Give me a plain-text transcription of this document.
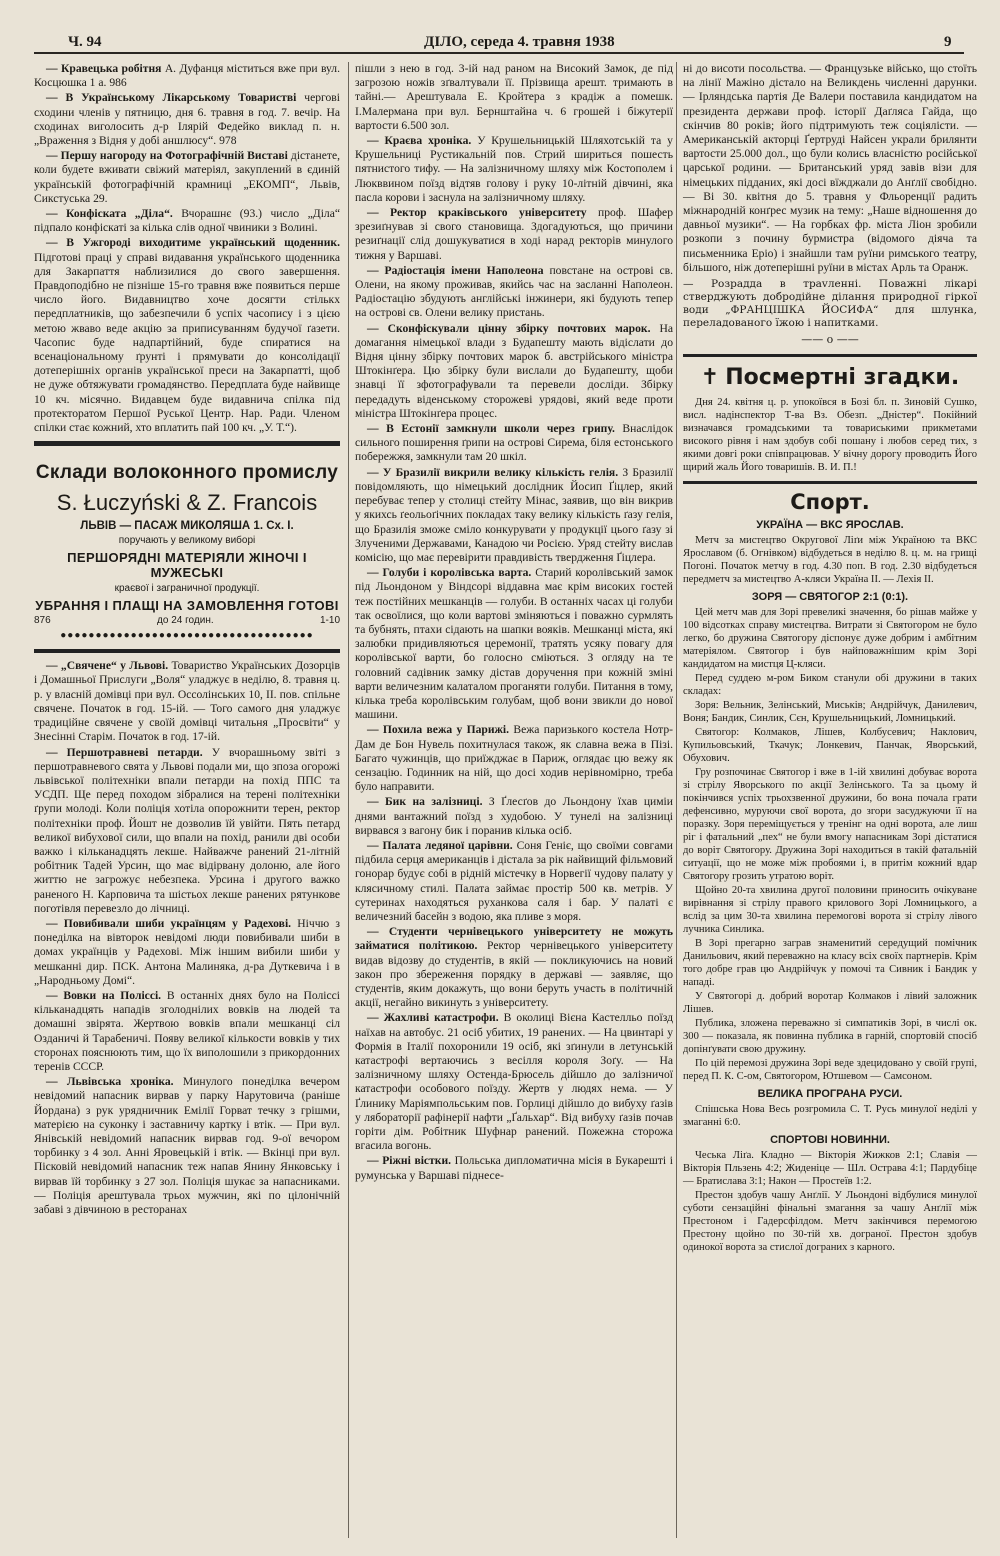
Ч. 94	ДІЛО, середа 4. травня 1938	9

— Кравецька робітня А. Дуфанця міститься вже при вул. Косцюшка 1 а. 986

— В Українському Лікарському Товаристві чергові сходини членів у пятницю, дня 6. травня в год. 7. вечір. На сходинах виголосить д-р Ілярій Федейко виклад п. н. „Враження з Відня у добі аншлюсу“. 978

— Першу нагороду на Фотографічній Виставі дістанете, коли будете вживати свіжий матеріял, закуплений в єдиній українській фотографічній крамниці „ЕКОМП“, Львів, Сикстуська 29.

— Конфіската „Діла“. Вчорашнє (93.) число „Діла“ підпало конфіскаті за кілька слів одної чвиники з Волині.

— В Ужгороді виходитиме український щоденник. Підготові праці у справі видавання українського щоденника для Закарпаття наблизилися до свого завершення. Правдоподібно не пізніше 15-го травня вже появиться перше число його. Видавництво хоче досягти стількх передплатників, що забезпечили б успіх часопису і з цією метою жваво веде акцію за приписуванням будучої ґазети. Часопис буде надпартійний, буде спиратися на всенаціональному ґрунті і прямувати до консолідації дотеперішніх органів української преси на Закарпатті, щоб не дуже обтяжувати громадянство. Передплата буде найвище 10 кч. місячно. Видавцем буде видавнича спілка під протекторатом Першої Руської Центр. Нар. Ради. Членом спілки стає кожний, хто вплатить пай 100 кч. „У. Т.“).

Склади волоконного промислу
S. Łuczyński & Z. Francois
ЛЬВІВ — ПАСАЖ МИКОЛЯША 1. Сх. І.
поручають у великому виборі
ПЕРШОРЯДНІ МАТЕРІЯЛИ ЖІНОЧІ І МУЖЕСЬКІ
краєвої і заграничної продукції.
УБРАННЯ І ПЛАЩІ НА ЗАМОВЛЕННЯ ГОТОВІ
876	до 24 годин.	1-10
●●●●●●●●●●●●●●●●●●●●●●●●●●●●●●●●●●●●

— „Свячене“ у Львові. Товариство Українських Дозорців і Домашньої Прислуги „Воля“ уладжує в неділю, 8. травня ц. р. у власній домівці при вул. Оссолінських 10, II. пов. спільне свячене. Початок в год. 15-ій. — Того самого дня уладжує традиційне свячене у своїй домівці читальня „Просвіти“ у Знесінні Старім. Початок в год. 17-ій.

— Першотравневі петарди. У вчорашньому звіті з першотравневого свята у Львові подали ми, що зпоза огорожі львівської політехніки впали петарди на похід ППС та УСДП. Ще перед походом зібралися на терені політехніки ґрупи молоді. Коли поліція хотіла опорожнити терен, ректор політехніки проф. Йошт не дозволив їй увійти. Пять петард великої вибухової сили, що впали на похід, ранили дві особи важко і кільканадцять лекше. Найважче ранений 21-літній робітник Тадей Урсин, що має відірвану долоню, але його життю не загрожує небезпека. Урсина і другого важко раненого Н. Карповича та шістьох лекше ранених рятункове поготівля перевезло до лічниці.

— Повибивали шиби українцям у Радехові. Ніччю з понеділка на вівторок невідомі люди повибивали шиби в домах українців у Радехові. Між іншим вибили шиби у мешканні дир. ПСК. Антона Малиняка, д-ра Дуткевича і в „Народньому Домі“.

— Вовки на Поліссі. В останніх днях було на Поліссі кільканадцять нападів зголоднілих вовків на людей та домашні звірята. Жертвою вовків впали мешканці сіл Озданичі й Тарабеничі. Появу великої кількости вовків у тих сторонах пояснюють тим, що їх виполошили з прикордонних теренів СССР.

— Львівська хроніка. Минулого понеділка вечером невідомий напасник вирвав у парку Нарутовича (раніше Йордана) з рук урядничник Емілії Горват течку з грішми, матерією на суконку і заставничу картку і втік. — При вул. Янівській невідомий напасник вирвав год. 9-ої вечором торбинку з 4 зол. Анні Яровецькій і втік. — Вкінці при вул. Пісковій невідомий напасник теж напав Янину Янковську і вирвав їй торбинку з 27 зол. Поліція шукає за напасниками. — Поліція арештувала трьох мужчин, які по цілонічній забаві з дівчиною в ресторанах

пішли з нею в год. 3-ій над раном на Високий Замок, де під загрозою ножів зґвалтували її. Прізвища арешт. тримають в тайні.— Арештувала Е. Кройтера з крадіж а помешк. І.Малермана при вул. Бернштайна ч. 6 грошей і біжутерії вартости 6.500 зол.

— Краєва хроніка. У Крушельницькій Шляхотській та у Крушельниці Рустикальній пов. Стрий шириться пошесть пятнистого тифу. — На залізничному шляху між Костополем і Люкввином поїзд відтяв голову і руку 10-літній дівчині, яка пасла корови і заснула на залізничному шляху.

— Ректор краківського університету проф. Шафер зрезиґнував зі свого становища. Здогадуються, що причини резиґнації слід дошукуватися в ході нарад ректорів минулого тижня у Варшаві.

— Радіостація імени Наполеона повстане на острові св. Олени, на якому проживав, якийсь час на засланні Наполеон. Радіостацію збудують англійські інжинери, які будують тепер на острові св. Олени велику пристань.

— Сконфіскували цінну збірку почтових марок. На домагання німецької влади з Будапешту мають відіслати до Відня цінну збірку почтових марок б. австрійського міністра Штокінґера. Цю збірку були вислали до Будапешту, щоби знавці її зфотографували та перевели досліди. Збірку передадуть віденському сторожеві урядові, який веде проти міністра Штокінґера процес.

— В Естонії замкнули школи через грипу. Внаслідок сильного поширення ґрипи на острові Сирема, біля естонського побережжя, замкнули там 20 шкіл.

— У Бразилії викрили велику кількість гелія. З Бразилії повідомляють, що німецький дослідник Йосип Ґіцлер, який перебуває тепер у столиці стейту Мінас, заявив, що він викрив у якихсь ґеольоґічних покладах таку велику кількість ґазу гелія, що Бразилія зможе сміло конкурувати у продукції цього ґазу зі Злученими Державами, Канадою чи Росією. Уряд стейту вислав комісію, що має перевірити правдивість твердження Ґіцлера.

— Голуби і королівська варта. Старий королівський замок під Льондоном у Віндсорі віддавна має крім високих гостей теж постійних мешканців — голуби. В останніх часах ці голуби так освоїлися, що коли вартові зміняються і поважно сурмлять та бубнять, птахи сідають на шапки вояків. Мешканці міста, які залюбки придивляються церемонії, тратять усяку повагу для королівської варти, бо голосно сміються. З огляду на те головний садівник замку дістав доручення при кожній зміні варти величезним калаталом проганяти голуби. Питання в тому, кілька треба королівським голубам, щоб вони звикли до нової машини.

— Похила вежа у Парижі. Вежа паризького костела Нотр-Дам де Бон Нувель похитнулася також, як славна вежа в Пізі. Багато чужинців, що приїжджає в Париж, оглядає цю вежу як сензацію. Годинник на ній, що досі ходив нерівномірно, треба було направити.

— Бик на залізниці. З Ґлесґов до Льондону їхав циміи днями вантажний поїзд з худобою. У тунелі на залізниці вирвався з вагону бик і поранив кілька осіб.

— Палата ледяної царівни. Соня Геніє, що своїми совгами підбила серця американців і дістала за рік найвищий фільмовий гонорар будує собі в рідній містечку в Норвегії чудову палату у клясичному стилі. Палата займає простір 500 кв. метрів. У сутеринах находяться руханкова саля і бар. У палаті є величезний басейн з водою, яка пливе з моря.

— Студенти чернівецького університету не можуть займатися політикою. Ректор чернівецького університету видав відозву до студентів, в якій — покликуючись на новий закон про збереження порядку в державі — заявляє, що студентів, яким докажуть, що вони беруть участь в політичній акції, негайно викинуть з університету.

— Жахливі катастрофи. В околиці Вієна Кастелльо поїзд наїхав на автобус. 21 осіб убитих, 19 ранених. — На цвинтарі у Формія в Італії похоронили 19 осіб, які зґинули в летунській катастрофі вертаючись з весілля короля Зоґу. — На залізничному шляху Остенда-Брюсель дійшло до залізничої катастрофи особового поїзду. Жертв у людях нема. — У Ґлинику Маріямпольським пов. Горлиці дійшло до вибуху ґазів у лябораторії рафінерії нафти „Ґальхар“. Від вибуху ґазів почав горіти дім. Робітник Шуфнар ранений. Пожежна сторожа вгасила вогонь.

— Ріжні вістки. Польська дипломатична місія в Букарешті і румунська у Варшаві піднесе-

ні до висоти посольства. — Французьке військо, що стоїть на лінії Мажіно дістало на Великдень численні дарунки. — Ірляндська партія Де Валери поставила кандидатом на президента держави проф. історії Даґляса Гайда, що скінчив 80 років; його підтримують теж соціялісти. — Американській акторці Ґертруді Найсен украли брилянти вартости 25.000 дол., що були колись власністю російської царської родини. — Британський уряд завів візи для німецьких підданих, які досі вїжджали до Анґлії свобідно. — Ві 30. квітня до 5. травня у Фльоренції радить міжнародній конґрес музик на тему: „Наше відношення до давньої музики“. — На горбках фр. міста Ліон зробили розкопи з почину бурмистра (відомого діяча та письменника Еріо) і знайшли там руїни римського театру, більшого, ніж дотеперішні руїни в містах Арль та Оранж.

— Розрадда в трavленні. Поважні лікарі стверджують добродійне ділання природної гіркої води „ФРАНЦІШКА ЙОСИФА“ для шлунка, переладованого їжою і напитками.

—— о ——
✝ Посмертні згадки.

Дня 24. квітня ц. р. упокоївся в Бозі бл. п. Зиновій Сушко, висл. надінспектор Т-ва Вз. Обезп. „Дністер“. Покійний визначався громадськими та товариськими прикметами високого рівня і нам здобув собі пошану і любов серед тих, з якими довгі роки співпрацював. У вічну дорогу проводить Його щирий жаль Його товаришів. В. И. П.!

Спорт.
УКРАЇНА — ВКС ЯРОСЛАВ.

Метч за мистецтво Округової Ліґи між Україною та ВКС Ярославом (б. Огнівком) відбудеться в неділю 8. ц. м. на грищі Погоні. Початок метчу в год. 4.30 поп. В год. 2.30 відбудеться передметч за мистецтво А-кляси Україна II. — Лехія II.

ЗОРЯ — СВЯТОГОР 2:1 (0:1).

Цей метч мав для Зорі превеликі значення, бо рішав майже у 100 відсотках справу мистецтва. Витрати зі Святогором не було легко, бо дружина Святогору діспонує дуже добрим і амбітним матеріялом. Святогор і був найповажнішим крім Зорі кандидатом на мистця Ц-кляси.

Перед суддею м-ром Биком станули обі дружини в таких складах:

Зоря: Вельник, Зелінський, Миськів; Андрійчук, Данилевич, Воня; Бандик, Синлик, Сєн, Крушельницький, Ломницький.

Святогор: Колмаков, Лішев, Колбусевич; Наклович, Купильовський, Ткачук; Лонкевич, Панчак, Яворський, Обухович.

Гру розпочинає Святогор і вже в 1-ій хвилині добуває ворота зі стрілу Яворського по акції Зелінського. Та за цьому й покінчився успіх трьохзвенної дружини, бо вона почала грати дефенсивно, муруючи свої ворота, до згори засуджуючи її на поразку. Зоря переміщується у тренінг на одні ворота, але лиш ріг і фатальний „пех“ не були вмогу напасникам Зорі дістатися до воріт Святогору. Дружина Зорі находиться в такій фатальній ситуації, що не може між пробоями і, в притім кожний вдар Святогору грозить утратою воріт.

Щойно 20-та хвилина другої половини приносить очікуване вирівнання зі стрілу правого крилового Зорі Ломницького, а вслід за цим 30-та хвилина перемогові ворота зі стрілу лівого лучника Синлика.

В Зорі прегарно заграв знаменитий середущий помічник Данильович, який переважно на класу всіх своїх партнерів. Крім того добре грав цю Андрійчук у помочі та Сивник і Бандик у нападі.

У Святогорі д. добрий воротар Колмаков і лівий заложник Лішев.

Публика, зложена переважно зі симпатиків Зорі, в числі ок. 300 — показала, як повинна публика в гарній, спортовій спосіб допінґувати свою дружину.

По цій перемозі дружина Зорі веде здецидовано у своїй групі, перед П. К. С-ом, Святогором, Ютшевом — Самсоном.

ВЕЛИКА ПРОГРАНА РУСИ.

Спішська Нова Весь розгромила С. Т. Русь минулої неділі у змаганні 6:0.

СПОРТОВІ НОВИННИ.

Чеська Ліґа. Кладно — Вікторія Жижков 2:1; Славія — Вікторія Пльзень 4:2; Жиденіце — Шл. Острава 4:1; Пардубіце — Братислава 3:1; Након — Простеїв 1:2.

Престон здобув чашу Анґлії. У Льондоні відбулися минулої суботи сензаційні фінальні змагання за чашу Анґлії між Престоном і Гадерсфілдом. Метч закінчився перемогою Престону щойно по 30-тій хв. дограної. Престон здобув одинокої ворота за стислої дограних з карного.
